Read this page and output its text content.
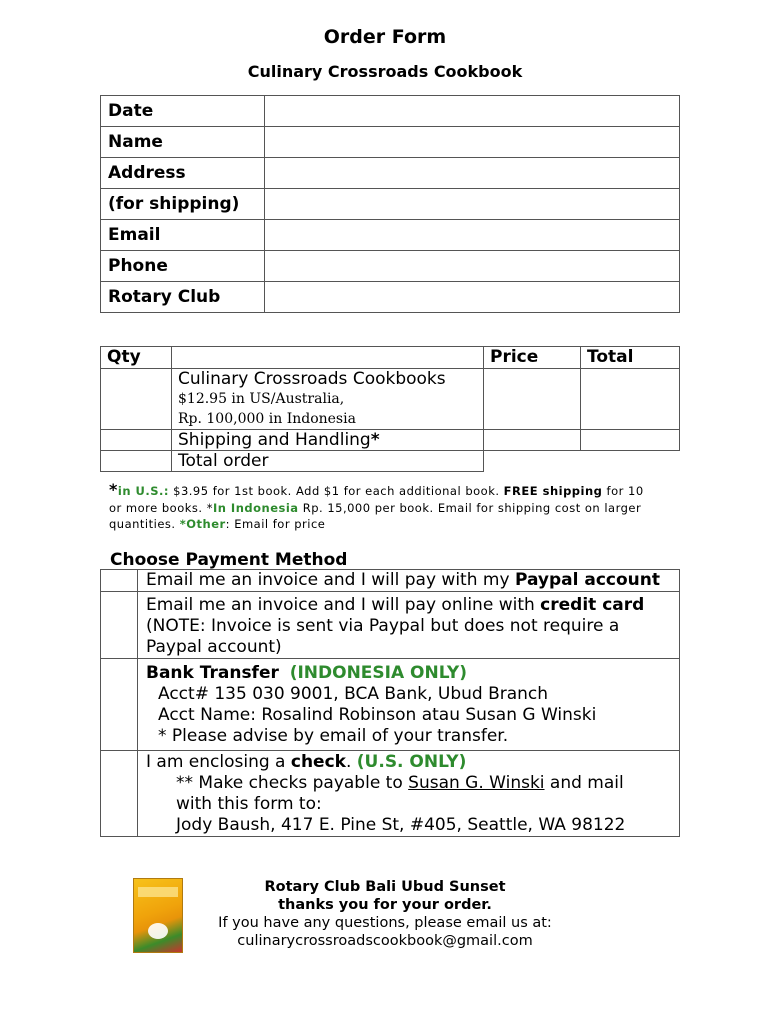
Order Form
Culinary Crossroads Cookbook
Date	
Name	
Address	
(for shipping)	
Email	
Phone	
Rotary Club	
Qty		Price	Total

	Culinary Crossroads Cookbooks
$12.95 in US/Australia,
Rp. 100,000 in Indonesia		

	Shipping and Handling*		
	Total order		
*in U.S.: $3.95 for 1st book. Add $1 for each additional book. FREE shipping for 10 or more books. *In Indonesia Rp. 15,000 per book. Email for shipping cost on larger quantities. *Other: Email for price
Choose Payment Method
	Email me an invoice and I will pay with my Paypal account
	Email me an invoice and I will pay online with credit card (NOTE: Invoice is sent via Paypal but does not require a Paypal account)

	Bank Transfer (INDONESIA ONLY)
Acct# 135 030 9001, BCA Bank, Ubud Branch
Acct Name: Rosalind Robinson atau Susan G Winski
* Please advise by email of your transfer.

	I am enclosing a check. (U.S. ONLY)
** Make checks payable to Susan G. Winski and mail
with this form to:
Jody Baush, 417 E. Pine St, #405, Seattle, WA 98122
Rotary Club Bali Ubud Sunset
thanks you for your order.
If you have any questions, please email us at:
culinarycrossroadscookbook@gmail.com
